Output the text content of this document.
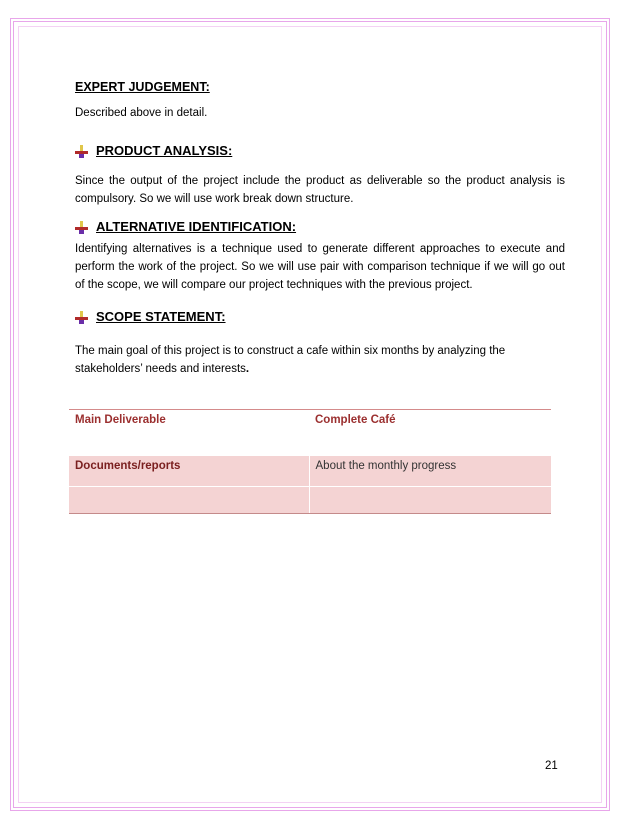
EXPERT JUDGEMENT:

Described above in detail.

PRODUCT ANALYSIS:

Since the output of the project include the product as deliverable so the product analysis is compulsory. So we will use work break down structure.

ALTERNATIVE IDENTIFICATION:

Identifying alternatives is a technique used to generate different approaches to execute and perform the work of the project. So we will use pair with comparison technique if we will go out of the scope, we will compare our project techniques with the previous project.

SCOPE STATEMENT:

The main goal of this project is to construct a cafe within six months by analyzing the
stakeholders’ needs and interests.

Main Deliverable	Complete Café
Documents/reports	About the monthly progress

21
